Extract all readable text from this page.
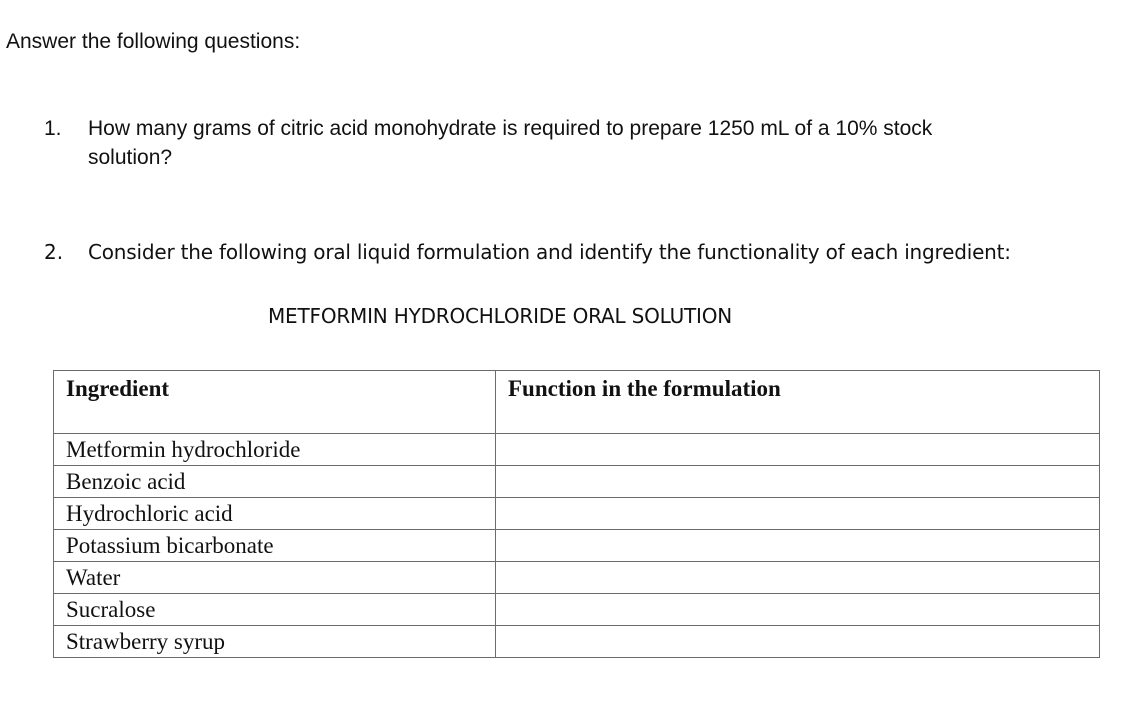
Answer the following questions:
1. How many grams of citric acid monohydrate is required to prepare 1250 mL of a 10% stock solution?
2. Consider the following oral liquid formulation and identify the functionality of each ingredient:
METFORMIN HYDROCHLORIDE ORAL SOLUTION
Ingredient	Function in the formulation
Metformin hydrochloride	
Benzoic acid	
Hydrochloric acid	
Potassium bicarbonate	
Water	
Sucralose	
Strawberry syrup	
